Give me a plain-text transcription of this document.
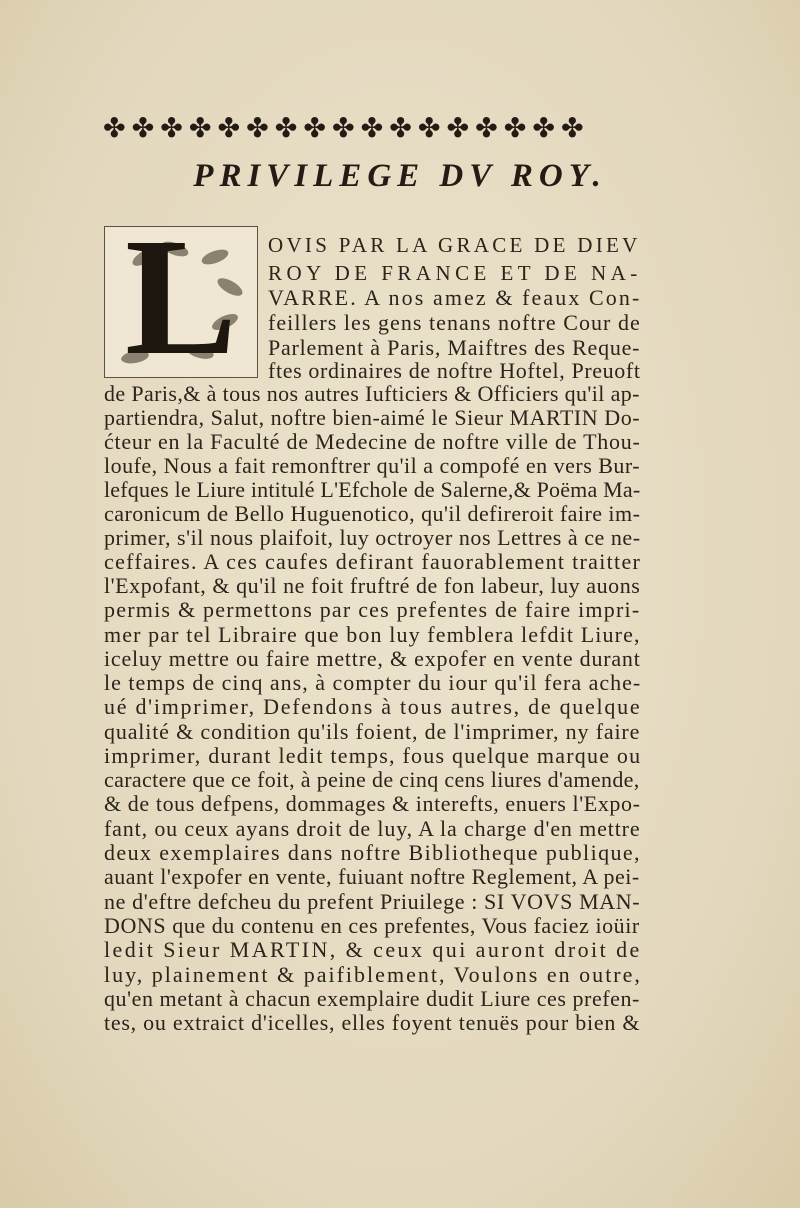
✤✤✤✤✤✤✤✤✤✤✤✤✤✤✤✤✤
PRIVILEGE DV ROY.
L	OVIS PAR LA GRACE DE DIEV
ROY DE FRANCE ET DE NA-
VARRE. A nos amez & feaux Con-
feillers les gens tenans noftre Cour de
Parlement à Paris, Maiftres des Reque-
ftes ordinaires de noftre Hoftel, Preuoft
de Paris,& à tous nos autres Iufticiers & Officiers qu'il ap-
partiendra, Salut, noftre bien-aimé le Sieur MARTIN Do-
ćteur en la Faculté de Medecine de noftre ville de Thou-
loufe, Nous a fait remonftrer qu'il a compofé en vers Bur-
lefques le Liure intitulé L'Efchole de Salerne,& Poëma Ma-
caronicum de Bello Huguenotico, qu'il defireroit faire im-
primer, s'il nous plaifoit, luy octroyer nos Lettres à ce ne-
ceffaires. A ces caufes defirant fauorablement traitter
l'Expofant, & qu'il ne foit fruftré de fon labeur, luy auons
permis & permettons par ces prefentes de faire impri-
mer par tel Libraire que bon luy femblera lefdit Liure,
iceluy mettre ou faire mettre, & expofer en vente durant
le temps de cinq ans, à compter du iour qu'il fera ache-
ué d'imprimer, Defendons à tous autres, de quelque
qualité & condition qu'ils foient, de l'imprimer, ny faire
imprimer, durant ledit temps, fous quelque marque ou
caractere que ce foit, à peine de cinq cens liures d'amende,
& de tous defpens, dommages & interefts, enuers l'Expo-
fant, ou ceux ayans droit de luy, A la charge d'en mettre
deux exemplaires dans noftre Bibliotheque publique,
auant l'expofer en vente, fuiuant noftre Reglement, A pei-
ne d'eftre defcheu du prefent Priuilege : SI VOVS MAN-
DONS que du contenu en ces prefentes, Vous faciez ioüir
ledit Sieur MARTIN, & ceux qui auront droit de
luy, plainement & paifiblement, Voulons en outre,
qu'en metant à chacun exemplaire dudit Liure ces prefen-
tes, ou extraict d'icelles, elles foyent tenuës pour bien &
